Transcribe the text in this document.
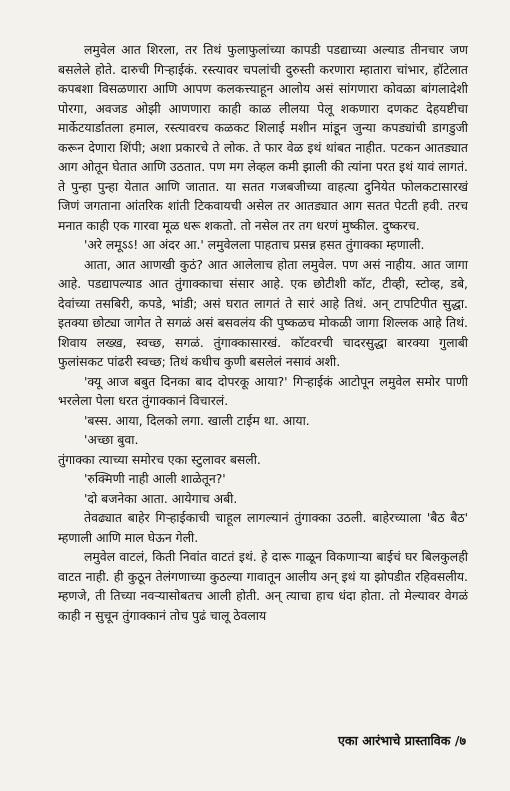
लमुवेल आत शिरला, तर तिथं फुलाफुलांच्या कापडी पडद्याच्या अल्याड तीनचार जण बसलेले होते. दारुची गिऱ्हाईकं. रस्त्यावर चपलांची दुरुस्ती करणारा म्हातारा चांभार, हॉटेलात कपबशा विसळणारा आणि आपण कलकत्त्याहून आलोय असं सांगणारा कोवळा बांगलादेशी पोरगा, अवजड ओझी आणणारा काही काळ लीलया पेलू शकणारा दणकट देहयष्टीचा मार्केटयार्डातला हमाल, रस्त्यावरच कळकट शिलाई मशीन मांडून जुन्या कपड्यांची डागडुजी करून देणारा शिंपी; अशा प्रकारचे ते लोक. ते फार वेळ इथं थांबत नाहीत. पटकन आतड्यात आग ओतून घेतात आणि उठतात. पण मग लेव्हल कमी झाली की त्यांना परत इथं यावं लागतं. ते पुन्हा पुन्हा येतात आणि जातात. या सतत गजबजीच्या वाहत्या दुनियेत फोलकटासारखं जिणं जगताना आंतरिक शांती टिकवायची असेल तर आतड्यात आग सतत पेटती हवी. तरच मनात काही एक गारवा मूळ धरू शकतो. तो नसेल तर तग धरणं मुष्कील. दुष्करच.

'अरे लमूऽऽ! आ अंदर आ.' लमुवेलला पाहताच प्रसन्न हसत तुंगाक्का म्हणाली.

आता, आत आणखी कुठं? आत आलेलाच होता लमुवेल. पण असं नाहीय. आत जागा आहे. पडद्यापल्याड आत तुंगाक्काचा संसार आहे. एक छोटीशी कॉट, टीव्ही, स्टोव्ह, डबे, देवांच्या तसबिरी, कपडे, भांडी; असं घरात लागतं ते सारं आहे तिथं. अन् टापटिपीत सुद्धा. इतक्या छोट्या जागेत ते सगळं असं बसवलंय की पुष्कळच मोकळी जागा शिल्लक आहे तिथं. शिवाय लख्ख, स्वच्छ, सगळं. तुंगाक्कासारखं. कॉटवरची चादरसुद्धा बारक्या गुलाबी फुलांसकट पांढरी स्वच्छ; तिथं कधीच कुणी बसलेलं नसावं अशी.

'क्यू आज बबुत दिनका बाद दोपरकू आया?' गिऱ्हाईकं आटोपून लमुवेल समोर पाणी भरलेला पेला धरत तुंगाक्कानं विचारलं.

'बस्स. आया, दिलको लगा. खाली टाईम था. आया.

'अच्छा बुवा.

तुंगाक्का त्याच्या समोरच एका स्टुलावर बसली.

'रुक्मिणी नाही आली शाळेतून?'

'दो बजनेका आता. आयेगाच अबी.

तेवढ्यात बाहेर गिऱ्हाईकाची चाहूल लागल्यानं तुंगाक्का उठली. बाहेरच्याला 'बैठ बैठ' म्हणाली आणि माल घेऊन गेली.

लमुवेल वाटलं, किती निवांत वाटतं इथं. हे दारू गाळून विकणाऱ्या बाईचं घर बिलकुलही वाटत नाही. ही कुठून तेलंगणाच्या कुठल्या गावातून आलीय अन् इथं या झोपडीत रहिवसलीय. म्हणजे, ती तिच्या नवऱ्यासोबतच आली होती. अन् त्याचा हाच धंदा होता. तो मेल्यावर वेगळं काही न सुचून तुंगाक्कानं तोच पुढं चालू ठेवलाय

एका आरंभाचे प्रास्ताविक /७
